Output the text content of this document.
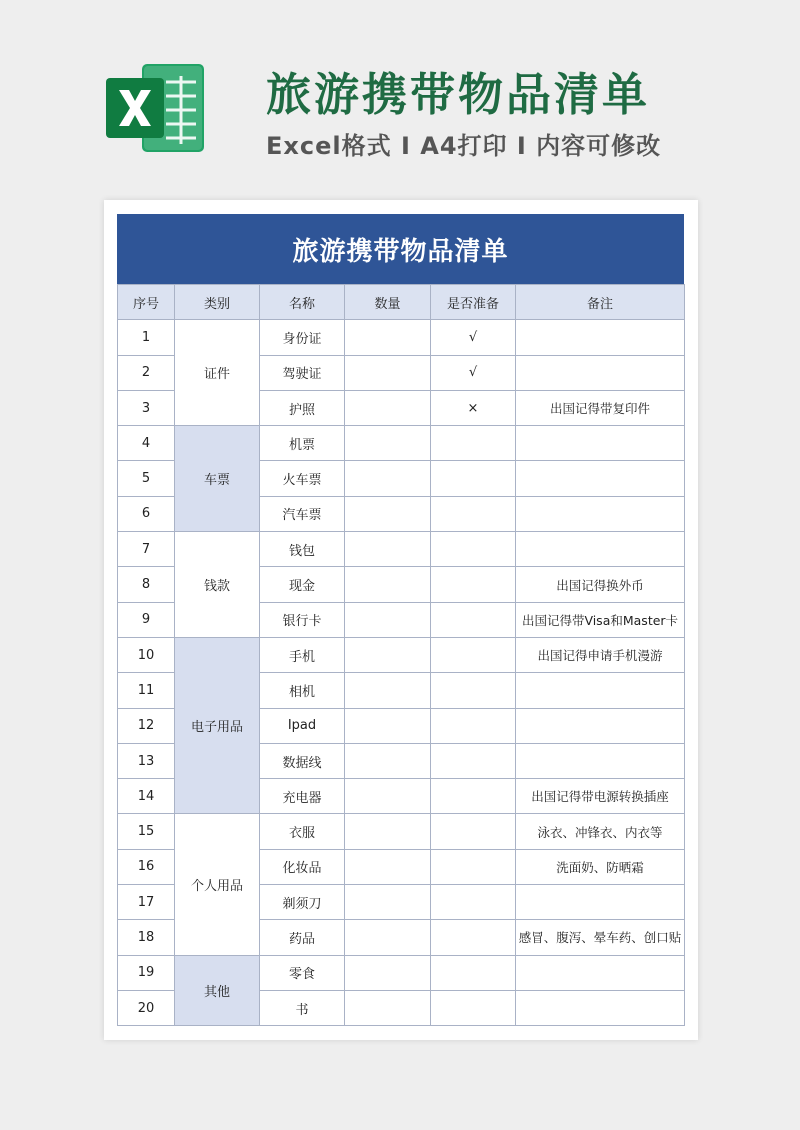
旅游携带物品清单
Excel格式 I A4打印 I 内容可修改
旅游携带物品清单
序号	类别	名称	数量	是否准备	备注
1	证件	身份证		√	
2		驾驶证		√	
3		护照		×	出国记得带复印件
4	车票	机票			
5		火车票			
6		汽车票			
7	钱款	钱包			
8		现金			出国记得换外币
9		银行卡			出国记得带Visa和Master卡
10	电子用品	手机			出国记得申请手机漫游
11		相机			
12		Ipad			
13		数据线			
14		充电器			出国记得带电源转换插座
15	个人用品	衣服			泳衣、冲锋衣、内衣等
16		化妆品			洗面奶、防晒霜
17		剃须刀			
18		药品			感冒、腹泻、晕车药、创口贴
19	其他	零食			
20		书			
